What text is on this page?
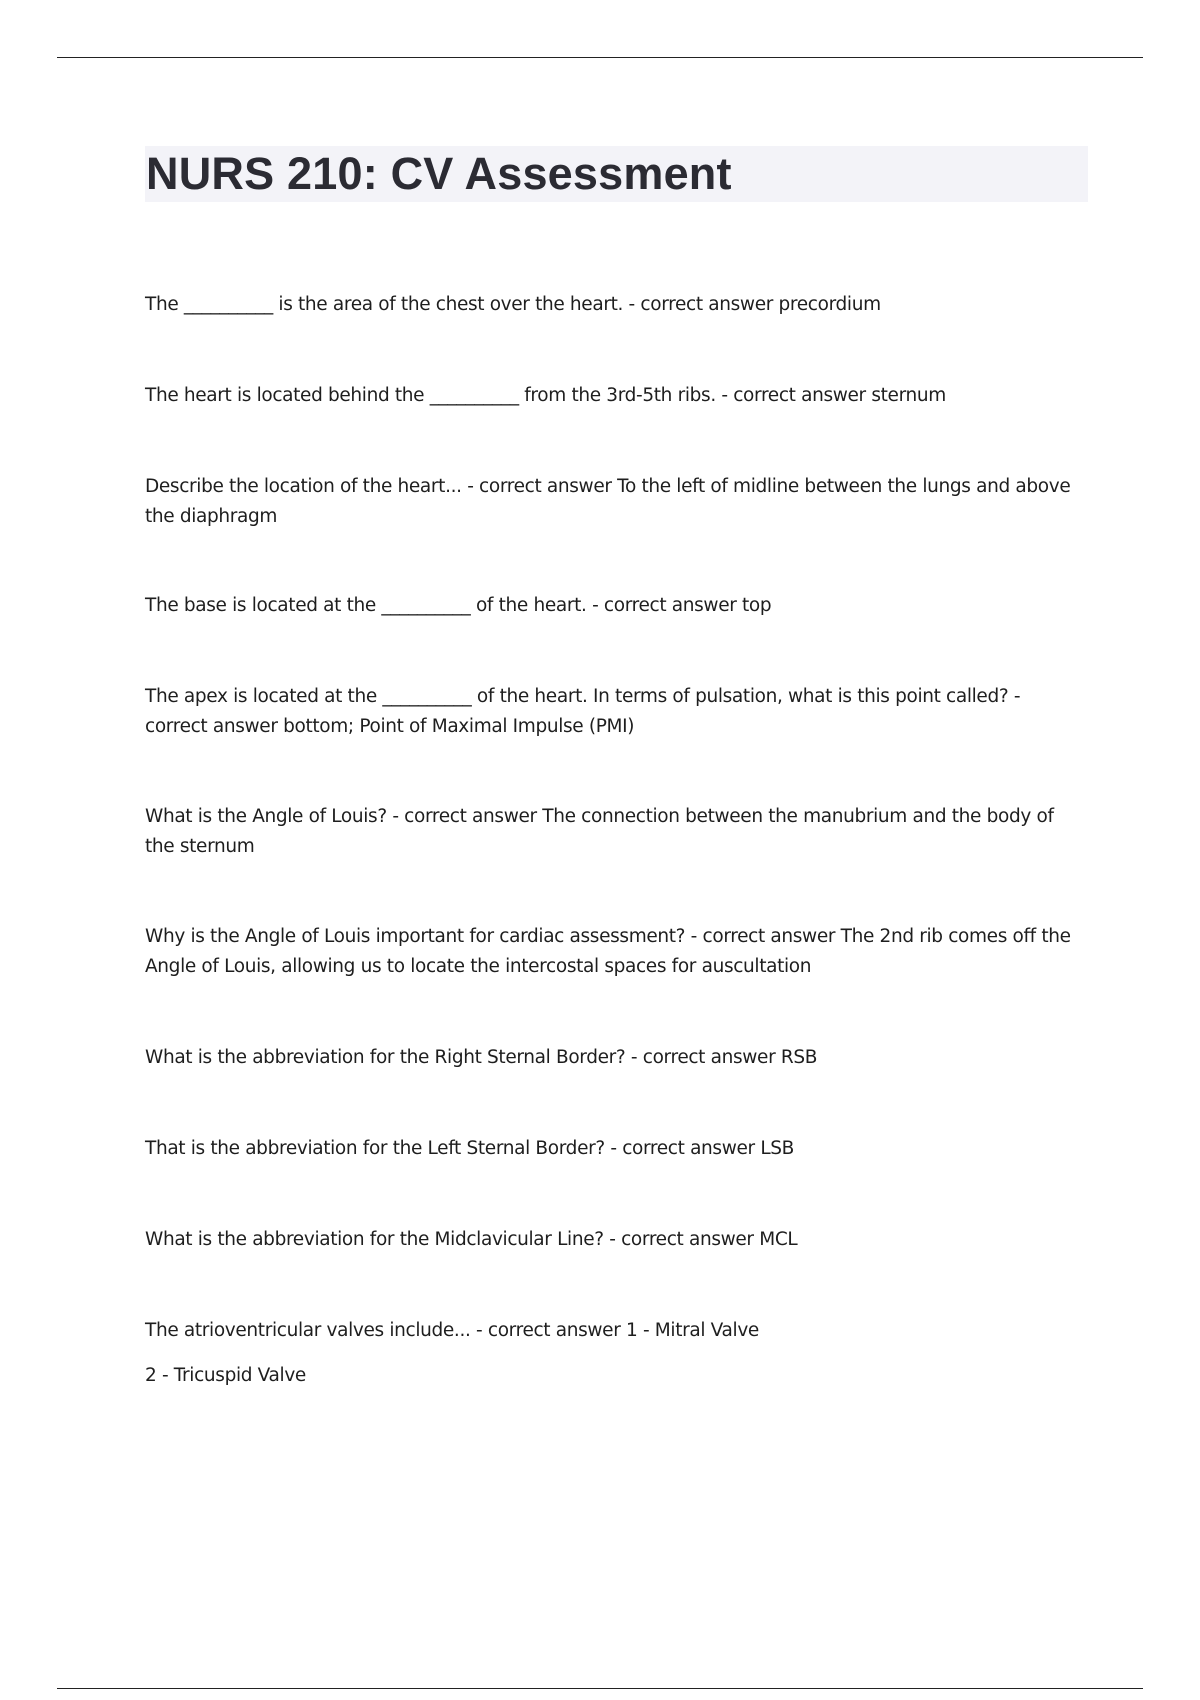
NURS 210: CV Assessment
The __________ is the area of the chest over the heart. - correct answer precordium
The heart is located behind the __________ from the 3rd-5th ribs. - correct answer sternum
Describe the location of the heart... - correct answer To the left of midline between the lungs and above the diaphragm
The base is located at the __________ of the heart. - correct answer top
The apex is located at the __________ of the heart. In terms of pulsation, what is this point called? - correct answer bottom; Point of Maximal Impulse (PMI)
What is the Angle of Louis? - correct answer The connection between the manubrium and the body of the sternum
Why is the Angle of Louis important for cardiac assessment? - correct answer The 2nd rib comes off the Angle of Louis, allowing us to locate the intercostal spaces for auscultation
What is the abbreviation for the Right Sternal Border? - correct answer RSB
That is the abbreviation for the Left Sternal Border? - correct answer LSB
What is the abbreviation for the Midclavicular Line? - correct answer MCL
The atrioventricular valves include... - correct answer 1 - Mitral Valve
2 - Tricuspid Valve
